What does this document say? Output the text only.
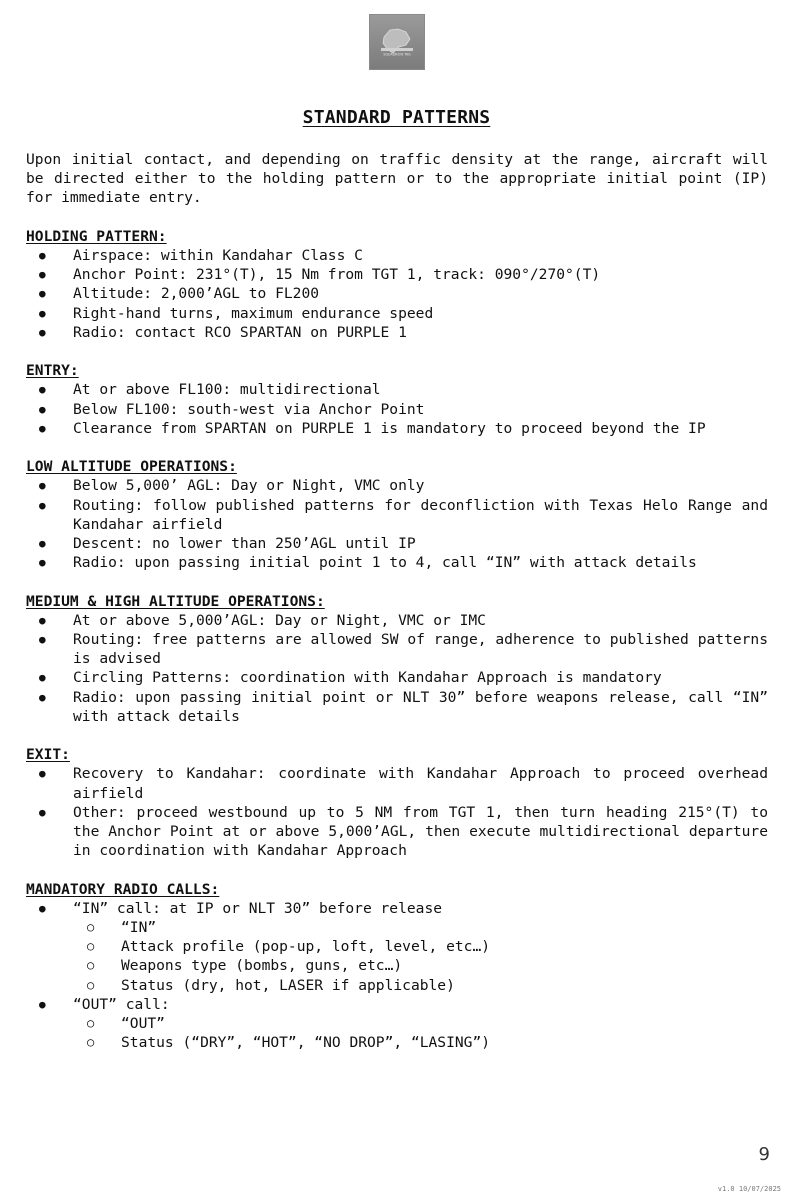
SQUADRON TAG
STANDARD PATTERNS

Upon initial contact, and depending on traffic density at the range, aircraft will be directed either to the holding pattern or to the appropriate initial point (IP) for immediate entry.

HOLDING PATTERN:
● Airspace: within Kandahar Class C
● Anchor Point: 231°(T), 15 Nm from TGT 1, track: 090°/270°(T)
● Altitude: 2,000’AGL to FL200
● Right-hand turns, maximum endurance speed
● Radio: contact RCO SPARTAN on PURPLE 1
ENTRY:
● At or above FL100: multidirectional
● Below FL100: south-west via Anchor Point
● Clearance from SPARTAN on PURPLE 1 is mandatory to proceed beyond the IP
LOW ALTITUDE OPERATIONS:
● Below 5,000’ AGL: Day or Night, VMC only
● Routing: follow published patterns for deconfliction with Texas Helo Range and Kandahar airfield
● Descent: no lower than 250’AGL until IP
● Radio: upon passing initial point 1 to 4, call “IN” with attack details
MEDIUM & HIGH ALTITUDE OPERATIONS:
● At or above 5,000’AGL: Day or Night, VMC or IMC
● Routing: free patterns are allowed SW of range, adherence to published patterns is advised
● Circling Patterns: coordination with Kandahar Approach is mandatory
● Radio: upon passing initial point or NLT 30” before weapons release, call “IN” with attack details
EXIT:
● Recovery to Kandahar: coordinate with Kandahar Approach to proceed overhead airfield
● Other: proceed westbound up to 5 NM from TGT 1, then turn heading 215°(T) to the Anchor Point at or above 5,000’AGL, then execute multidirectional departure in coordination with Kandahar Approach
MANDATORY RADIO CALLS:
● “IN” call: at IP or NLT 30” before release
○ “IN”
○ Attack profile (pop-up, loft, level, etc…)
○ Weapons type (bombs, guns, etc…)
○ Status (dry, hot, LASER if applicable)
● “OUT” call:
○ “OUT”
○ Status (“DRY”, “HOT”, “NO DROP”, “LASING”)
9
v1.0 10/07/2025
